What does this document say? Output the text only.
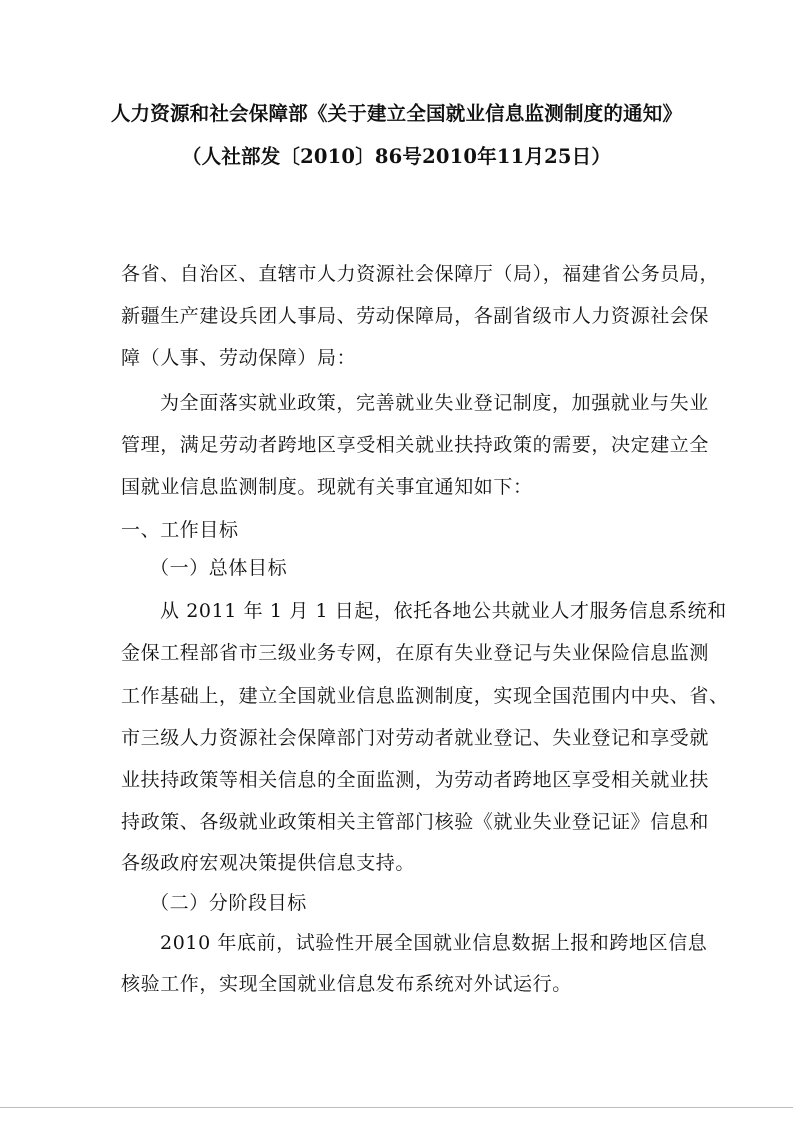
人力资源和社会保障部《关于建立全国就业信息监测制度的通知》
（人社部发〔2010〕86号2010年11月25日）
各省、自治区、直辖市人力资源社会保障厅（局），福建省公务员局，
新疆生产建设兵团人事局、劳动保障局，各副省级市人力资源社会保
障（人事、劳动保障）局：
为全面落实就业政策，完善就业失业登记制度，加强就业与失业
管理，满足劳动者跨地区享受相关就业扶持政策的需要，决定建立全
国就业信息监测制度。现就有关事宜通知如下：
一、工作目标
（一）总体目标
从 2011 年 1 月 1 日起，依托各地公共就业人才服务信息系统和
金保工程部省市三级业务专网，在原有失业登记与失业保险信息监测
工作基础上，建立全国就业信息监测制度，实现全国范围内中央、省、
市三级人力资源社会保障部门对劳动者就业登记、失业登记和享受就
业扶持政策等相关信息的全面监测，为劳动者跨地区享受相关就业扶
持政策、各级就业政策相关主管部门核验《就业失业登记证》信息和
各级政府宏观决策提供信息支持。
（二）分阶段目标
2010 年底前，试验性开展全国就业信息数据上报和跨地区信息
核验工作，实现全国就业信息发布系统对外试运行。
